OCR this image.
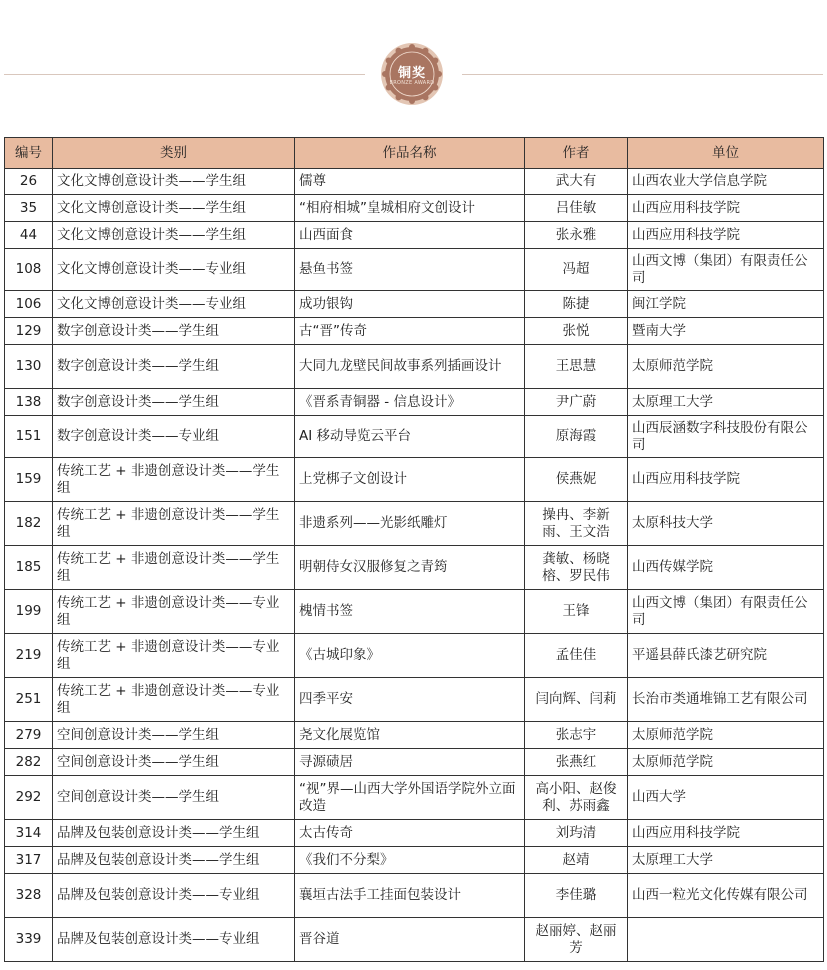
铜奖
BRONZE AWARD
编号	类别	作品名称	作者	单位
26	文化文博创意设计类——学生组	儒尊	武大有	山西农业大学信息学院
35	文化文博创意设计类——学生组	“相府相城”皇城相府文创设计	吕佳敏	山西应用科技学院
44	文化文博创意设计类——学生组	山西面食	张永雅	山西应用科技学院
108	文化文博创意设计类——专业组	悬鱼书签	冯超	山西文博（集团）有限责任公司
106	文化文博创意设计类——专业组	成功银钩	陈捷	闽江学院
129	数字创意设计类——学生组	古“晋”传奇	张悦	暨南大学
130	数字创意设计类——学生组	大同九龙壁民间故事系列插画设计	王思慧	太原师范学院
138	数字创意设计类——学生组	《晋系青铜器 - 信息设计》	尹广蔚	太原理工大学
151	数字创意设计类——专业组	AI 移动导览云平台	原海霞	山西辰涵数字科技股份有限公司
159	传统工艺 + 非遗创意设计类——学生组	上党梆子文创设计	侯燕妮	山西应用科技学院
182	传统工艺 + 非遗创意设计类——学生组	非遗系列——光影纸雕灯	操冉、李新雨、王文浩	太原科技大学
185	传统工艺 + 非遗创意设计类——学生组	明朝侍女汉服修复之青筠	龚敏、杨晓榕、罗民伟	山西传媒学院
199	传统工艺 + 非遗创意设计类——专业组	槐情书签	王锋	山西文博（集团）有限责任公司
219	传统工艺 + 非遗创意设计类——专业组	《古城印象》	孟佳佳	平遥县薛氏漆艺研究院
251	传统工艺 + 非遗创意设计类——专业组	四季平安	闫向辉、闫莉	长治市类通堆锦工艺有限公司
279	空间创意设计类——学生组	尧文化展览馆	张志宇	太原师范学院
282	空间创意设计类——学生组	寻源碛居	张燕红	太原师范学院
292	空间创意设计类——学生组	“视”界—山西大学外国语学院外立面改造	高小阳、赵俊利、苏雨鑫	山西大学
314	品牌及包装创意设计类——学生组	太古传奇	刘玙清	山西应用科技学院
317	品牌及包装创意设计类——学生组	《我们不分梨》	赵靖	太原理工大学
328	品牌及包装创意设计类——专业组	襄垣古法手工挂面包装设计	李佳璐	山西一粒光文化传媒有限公司
339	品牌及包装创意设计类——专业组	晋谷道	赵丽婷、赵丽芳	
